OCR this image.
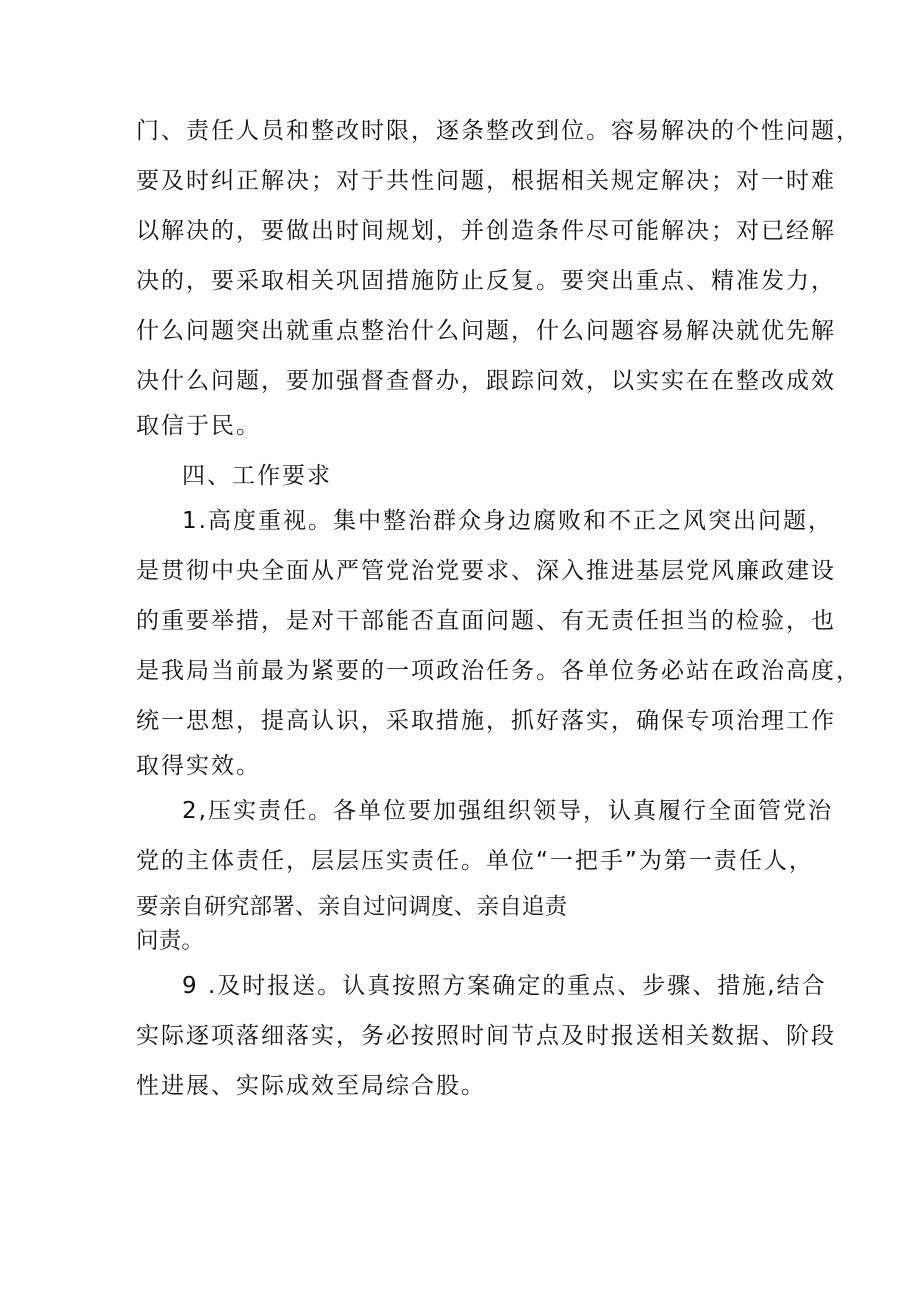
门、责任人员和整改时限，逐条整改到位。容易解决的个性问题，
要及时纠正解决；对于共性问题，根据相关规定解决；对一时难
以解决的，要做出时间规划，并创造条件尽可能解决；对已经解
决的，要采取相关巩固措施防止反复。要突出重点、精准发力，
什么问题突出就重点整治什么问题，什么问题容易解决就优先解
决什么问题，要加强督查督办，跟踪问效，以实实在在整改成效
取信于民。
四、工作要求
1.高度重视。集中整治群众身边腐败和不正之风突出问题，
是贯彻中央全面从严管党治党要求、深入推进基层党风廉政建设
的重要举措，是对干部能否直面问题、有无责任担当的检验，也
是我局当前最为紧要的一项政治任务。各单位务必站在政治高度，
统一思想，提高认识，采取措施，抓好落实，确保专项治理工作
取得实效。
2,压实责任。各单位要加强组织领导，认真履行全面管党治
党的主体责任，层层压实责任。单位“一把手”为第一责任人，
要亲自研究部署、亲自过问调度、亲自追责
问责。
9 .及时报送。认真按照方案确定的重点、步骤、措施,结合
实际逐项落细落实，务必按照时间节点及时报送相关数据、阶段
性进展、实际成效至局综合股。
